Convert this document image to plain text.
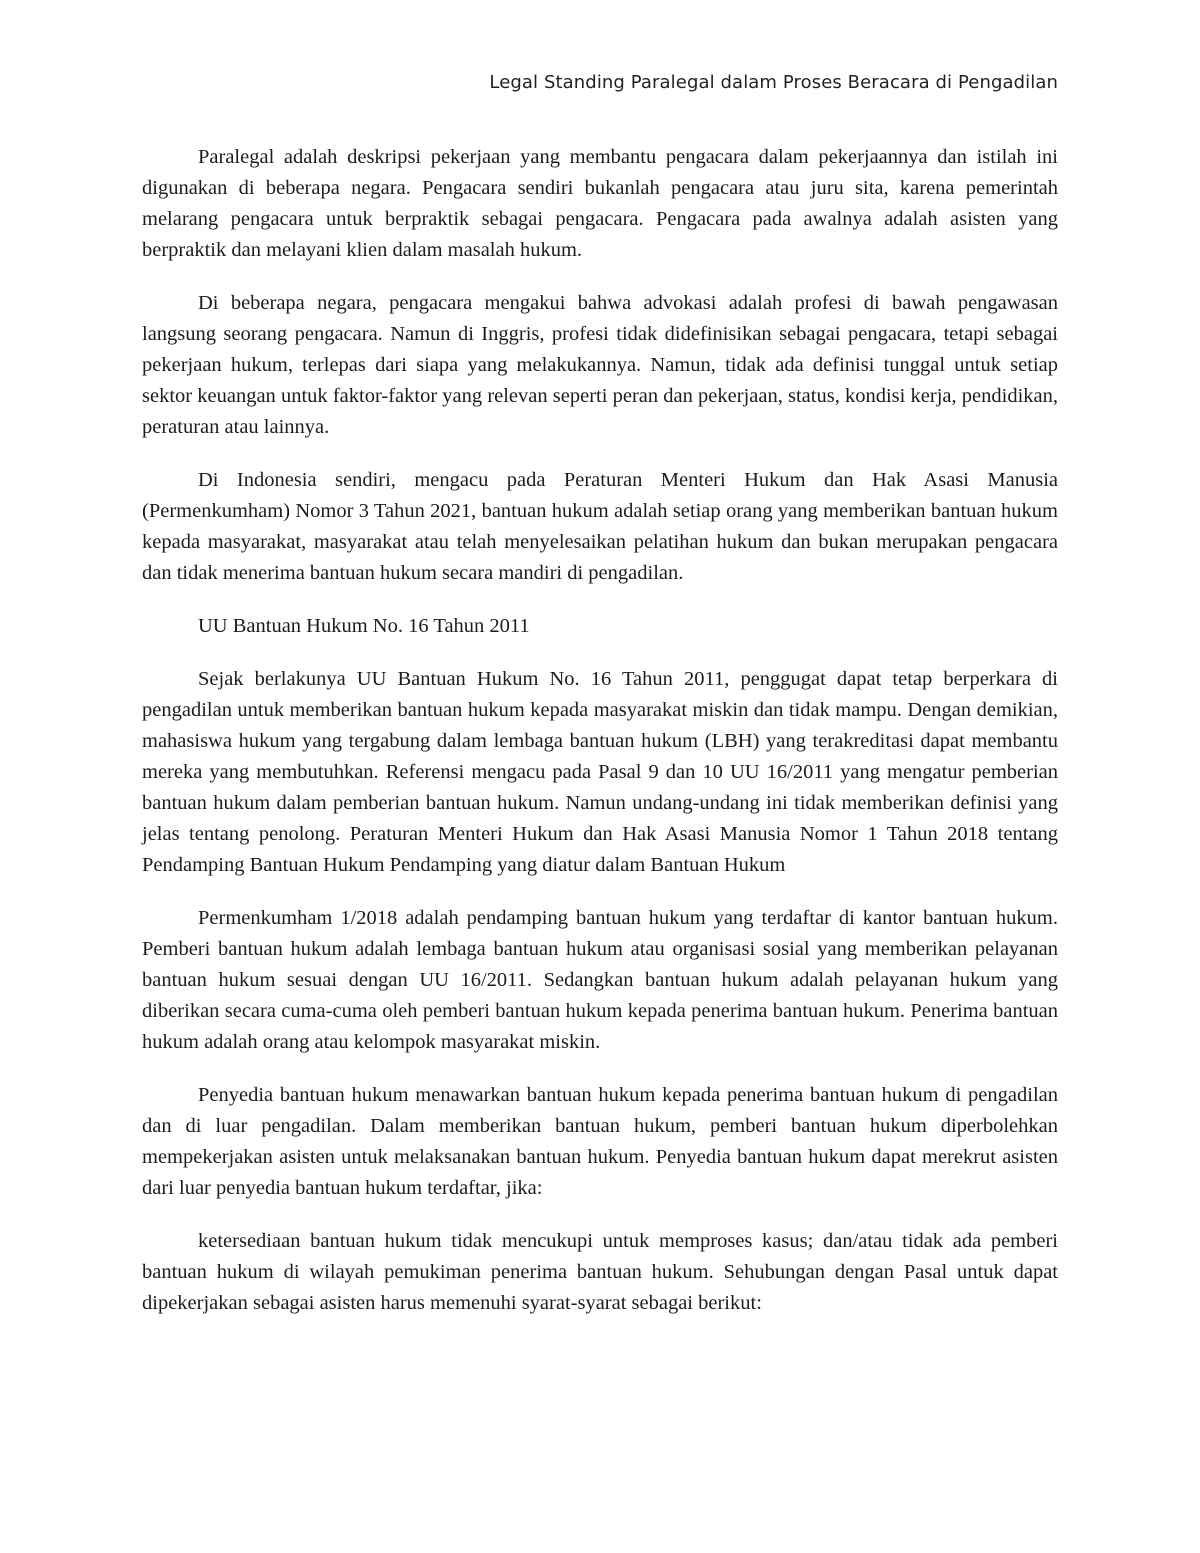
Legal Standing Paralegal dalam Proses Beracara di Pengadilan

Paralegal adalah deskripsi pekerjaan yang membantu pengacara dalam pekerjaannya dan istilah ini digunakan di beberapa negara. Pengacara sendiri bukanlah pengacara atau juru sita, karena pemerintah melarang pengacara untuk berpraktik sebagai pengacara. Pengacara pada awalnya adalah asisten yang berpraktik dan melayani klien dalam masalah hukum.

Di beberapa negara, pengacara mengakui bahwa advokasi adalah profesi di bawah pengawasan langsung seorang pengacara. Namun di Inggris, profesi tidak didefinisikan sebagai pengacara, tetapi sebagai pekerjaan hukum, terlepas dari siapa yang melakukannya. Namun, tidak ada definisi tunggal untuk setiap sektor keuangan untuk faktor-faktor yang relevan seperti peran dan pekerjaan, status, kondisi kerja, pendidikan, peraturan atau lainnya.

Di Indonesia sendiri, mengacu pada Peraturan Menteri Hukum dan Hak Asasi Manusia (Permenkumham) Nomor 3 Tahun 2021, bantuan hukum adalah setiap orang yang memberikan bantuan hukum kepada masyarakat, masyarakat atau telah menyelesaikan pelatihan hukum dan bukan merupakan pengacara dan tidak menerima bantuan hukum secara mandiri di pengadilan.

UU Bantuan Hukum No. 16 Tahun 2011

Sejak berlakunya UU Bantuan Hukum No. 16 Tahun 2011, penggugat dapat tetap berperkara di pengadilan untuk memberikan bantuan hukum kepada masyarakat miskin dan tidak mampu. Dengan demikian, mahasiswa hukum yang tergabung dalam lembaga bantuan hukum (LBH) yang terakreditasi dapat membantu mereka yang membutuhkan. Referensi mengacu pada Pasal 9 dan 10 UU 16/2011 yang mengatur pemberian bantuan hukum dalam pemberian bantuan hukum. Namun undang-undang ini tidak memberikan definisi yang jelas tentang penolong. Peraturan Menteri Hukum dan Hak Asasi Manusia Nomor 1 Tahun 2018 tentang Pendamping Bantuan Hukum Pendamping yang diatur dalam Bantuan Hukum

Permenkumham 1/2018 adalah pendamping bantuan hukum yang terdaftar di kantor bantuan hukum. Pemberi bantuan hukum adalah lembaga bantuan hukum atau organisasi sosial yang memberikan pelayanan bantuan hukum sesuai dengan UU 16/2011. Sedangkan bantuan hukum adalah pelayanan hukum yang diberikan secara cuma-cuma oleh pemberi bantuan hukum kepada penerima bantuan hukum. Penerima bantuan hukum adalah orang atau kelompok masyarakat miskin.

Penyedia bantuan hukum menawarkan bantuan hukum kepada penerima bantuan hukum di pengadilan dan di luar pengadilan. Dalam memberikan bantuan hukum, pemberi bantuan hukum diperbolehkan mempekerjakan asisten untuk melaksanakan bantuan hukum. Penyedia bantuan hukum dapat merekrut asisten dari luar penyedia bantuan hukum terdaftar, jika:

ketersediaan bantuan hukum tidak mencukupi untuk memproses kasus; dan/atau tidak ada pemberi bantuan hukum di wilayah pemukiman penerima bantuan hukum. Sehubungan dengan Pasal untuk dapat dipekerjakan sebagai asisten harus memenuhi syarat-syarat sebagai berikut:
